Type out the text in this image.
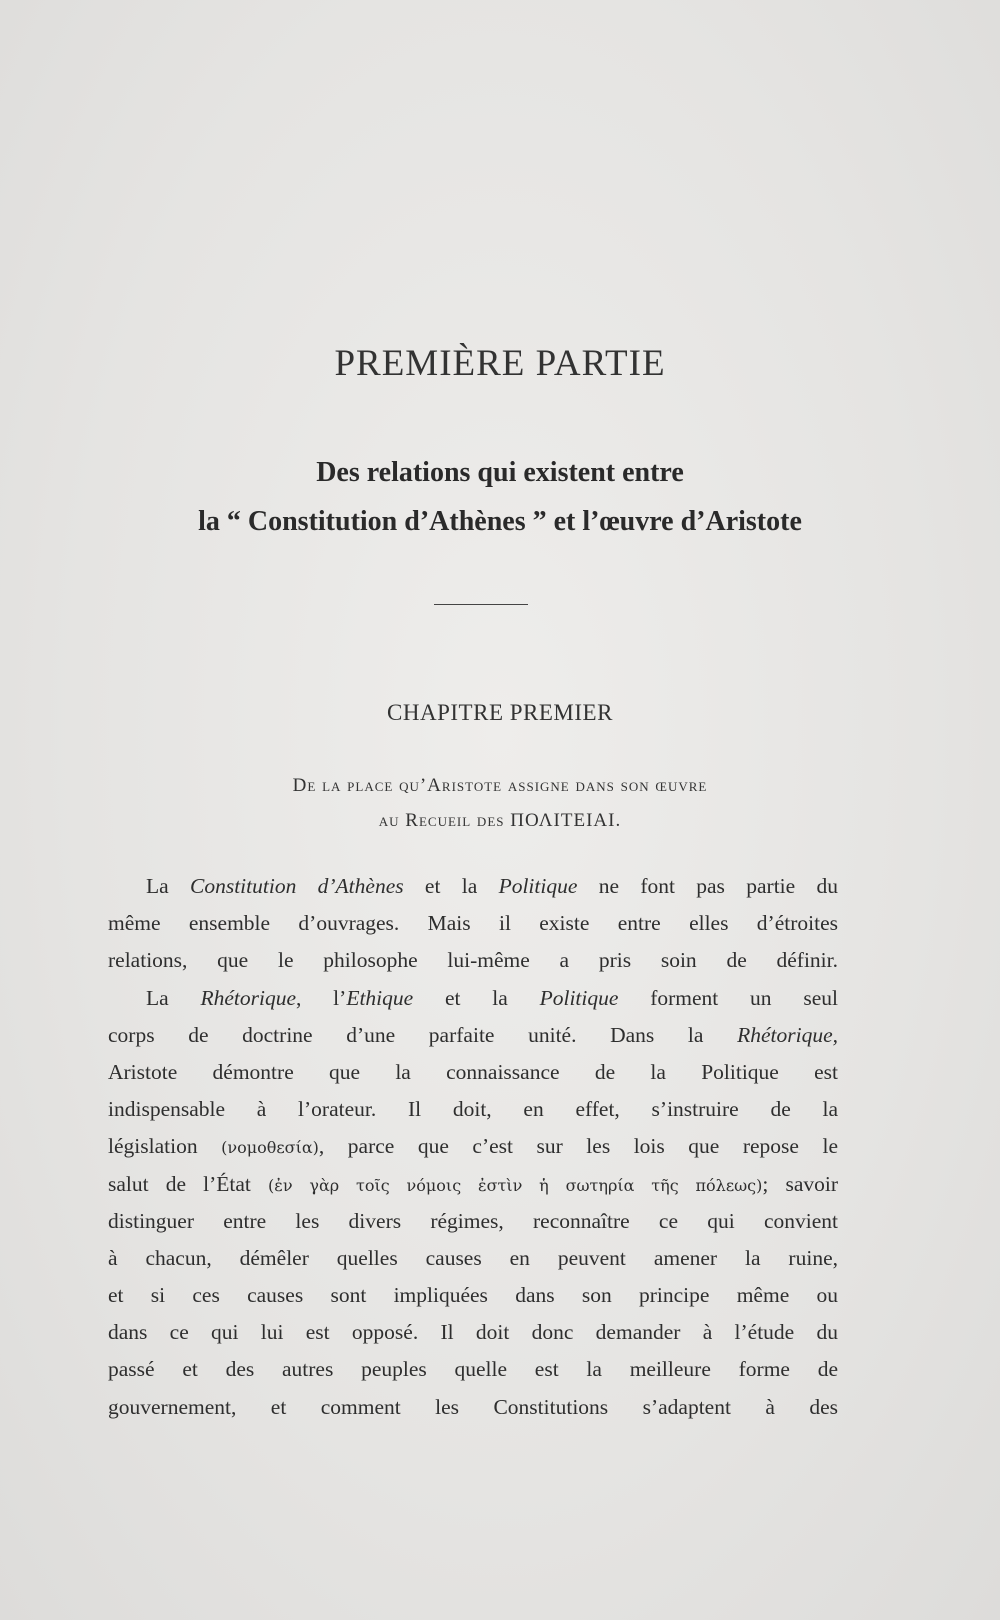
PREMIÈRE PARTIE
Des relations qui existent entre
la “ Constitution d’Athènes ” et l’œuvre d’Aristote
CHAPITRE PREMIER
De la place qu’Aristote assigne dans son œuvre
au Recueil des ΠΟΛΙΤΕΙΑΙ.
La Constitution d’Athènes et la Politique ne font pas partie du
même ensemble d’ouvrages. Mais il existe entre elles d’étroites
relations, que le philosophe lui-même a pris soin de définir.
La Rhétorique, l’Ethique et la Politique forment un seul
corps de doctrine d’une parfaite unité. Dans la Rhétorique,
Aristote démontre que la connaissance de la Politique est
indispensable à l’orateur. Il doit, en effet, s’instruire de la
législation (νομοθεσία), parce que c’est sur les lois que repose le
salut de l’État (ἐν γὰρ τοῖς νόμοις ἐστὶν ἡ σωτηρία τῆς πόλεως); savoir
distinguer entre les divers régimes, reconnaître ce qui convient
à chacun, démêler quelles causes en peuvent amener la ruine,
et si ces causes sont impliquées dans son principe même ou
dans ce qui lui est opposé. Il doit donc demander à l’étude du
passé et des autres peuples quelle est la meilleure forme de
gouvernement, et comment les Constitutions s’adaptent à des
